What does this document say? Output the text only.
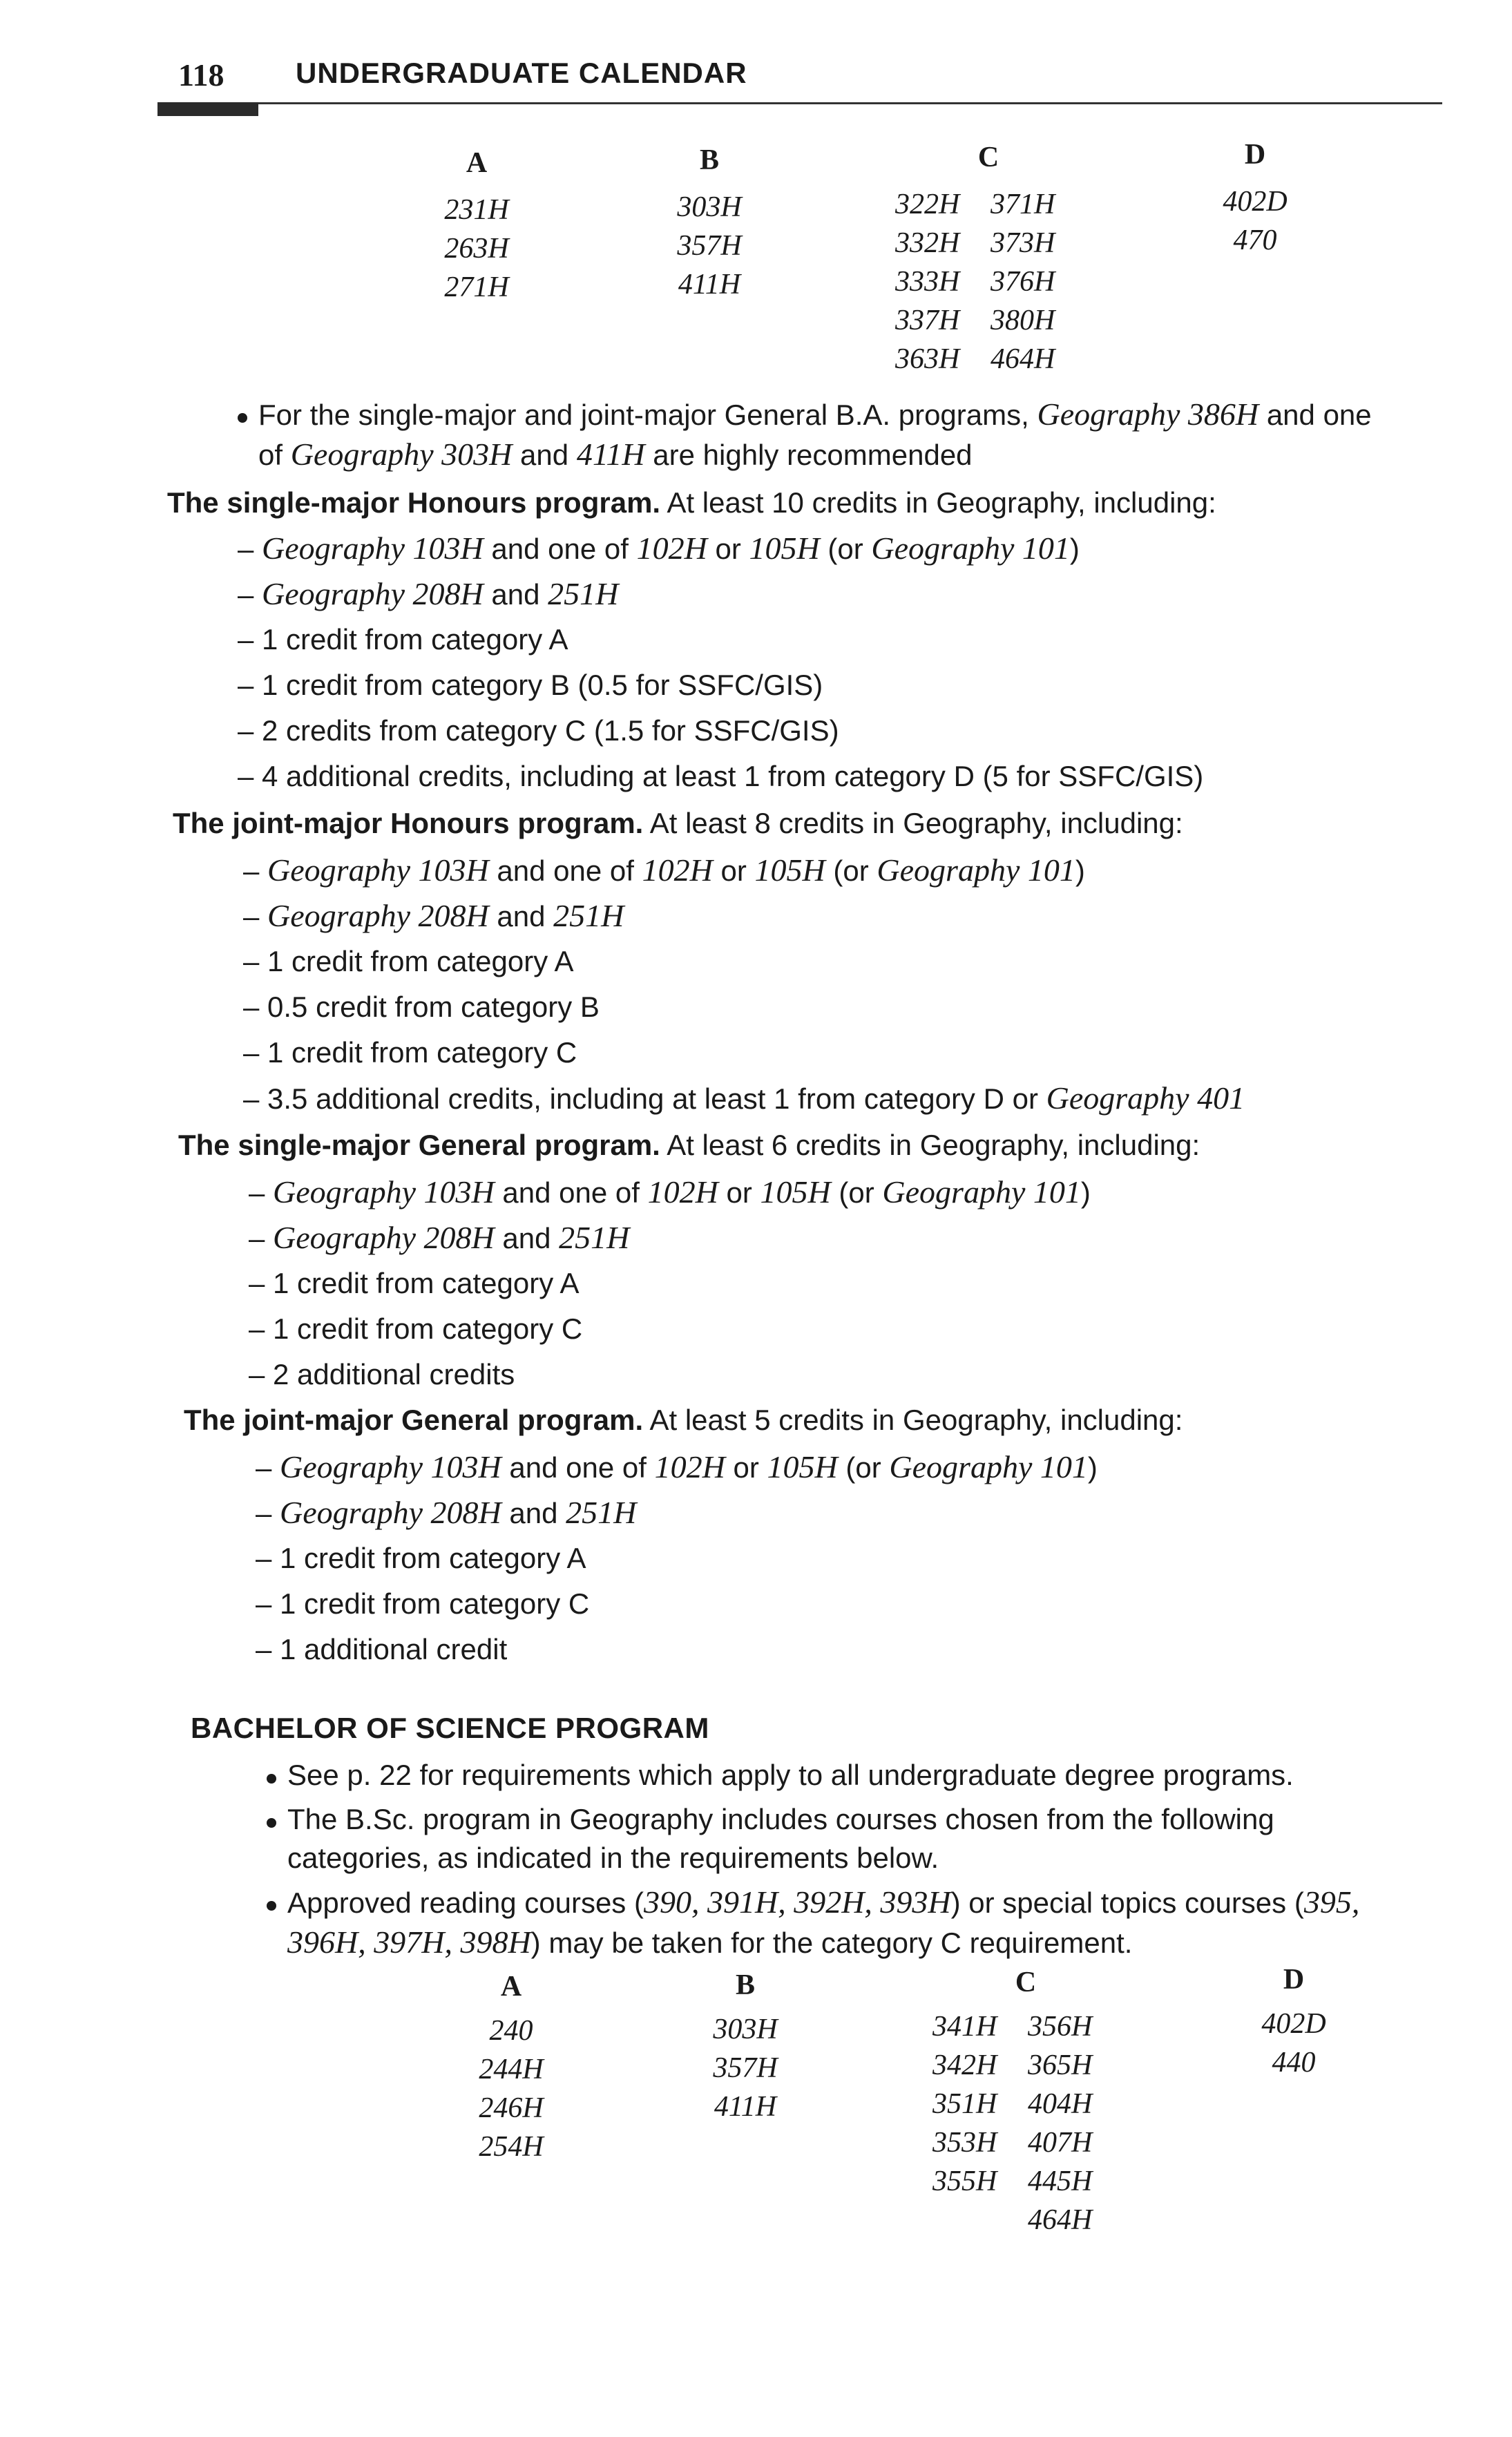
118 UNDERGRADUATE CALENDAR
A
231H
263H
271H
B
303H
357H
411H
C
322H 371H
332H 373H
333H 376H
337H 380H
363H 464H
D
402D
470
For the single-major and joint-major General B.A. programs, Geography 386H and one
of Geography 303H and 411H are highly recommended
The single-major Honours program. At least 10 credits in Geography, including:
– Geography 103H and one of 102H or 105H (or Geography 101)
– Geography 208H and 251H
– 1 credit from category A
– 1 credit from category B (0.5 for SSFC/GIS)
– 2 credits from category C (1.5 for SSFC/GIS)
– 4 additional credits, including at least 1 from category D (5 for SSFC/GIS)
The joint-major Honours program. At least 8 credits in Geography, including:
– Geography 103H and one of 102H or 105H (or Geography 101)
– Geography 208H and 251H
– 1 credit from category A
– 0.5 credit from category B
– 1 credit from category C
– 3.5 additional credits, including at least 1 from category D or Geography 401
The single-major General program. At least 6 credits in Geography, including:
– Geography 103H and one of 102H or 105H (or Geography 101)
– Geography 208H and 251H
– 1 credit from category A
– 1 credit from category C
– 2 additional credits
The joint-major General program. At least 5 credits in Geography, including:
– Geography 103H and one of 102H or 105H (or Geography 101)
– Geography 208H and 251H
– 1 credit from category A
– 1 credit from category C
– 1 additional credit
BACHELOR OF SCIENCE PROGRAM
See p. 22 for requirements which apply to all undergraduate degree programs.
The B.Sc. program in Geography includes courses chosen from the following
categories, as indicated in the requirements below.
Approved reading courses (390, 391H, 392H, 393H) or special topics courses (395,
396H, 397H, 398H) may be taken for the category C requirement.
A
240
244H
246H
254H
B
303H
357H
411H
C
341H 356H
342H 365H
351H 404H
353H 407H
355H 445H
464H
D
402D
440
